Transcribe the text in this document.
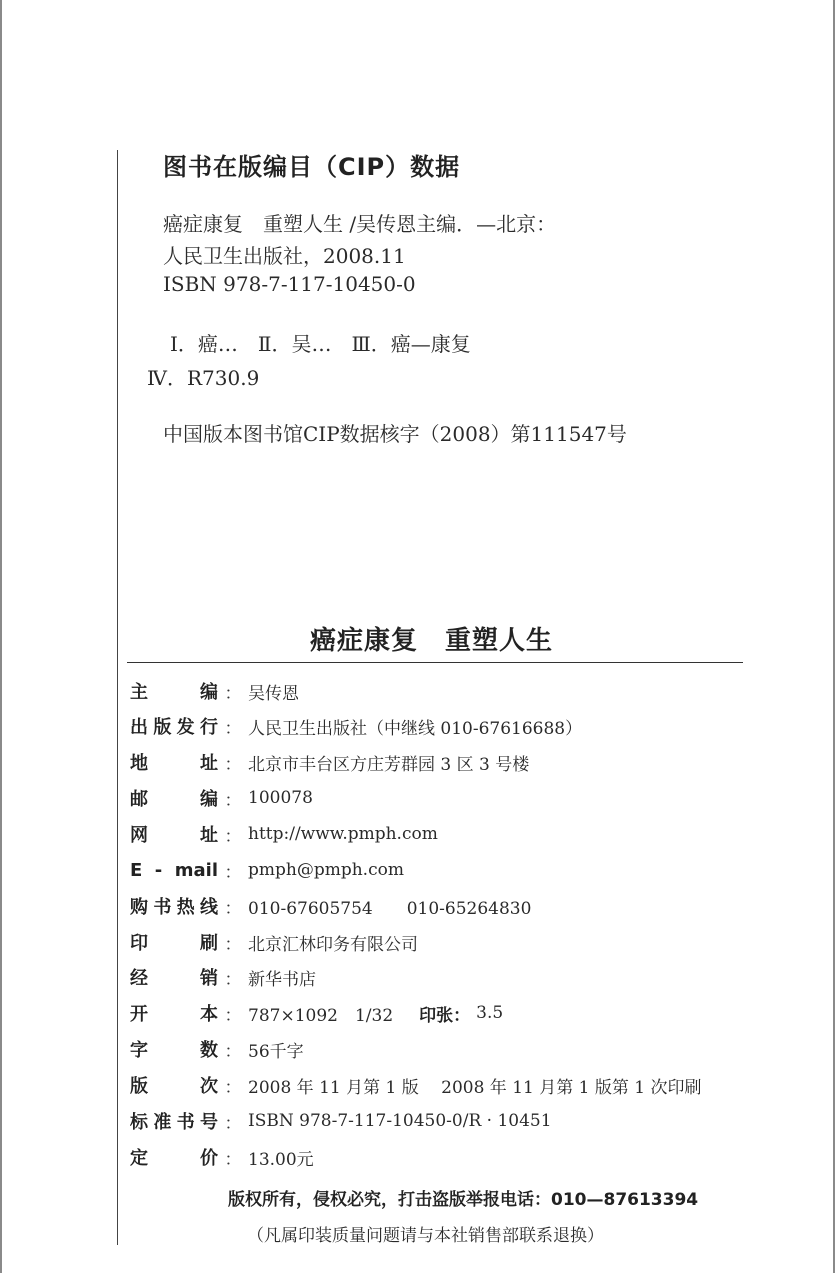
图书在版编目（CIP）数据
癌症康复　重塑人生 /吴传恩主编．—北京：
人民卫生出版社，2008.11
ISBN 978-7-117-10450-0
Ⅰ．癌…　Ⅱ．吴…　Ⅲ．癌—康复
Ⅳ．R730.9
中国版本图书馆CIP数据核字（2008）第111547号
癌症康复　重塑人生
主编 ： 吴传恩
出版发行 ： 人民卫生出版社（中继线 010-67616688）
地址 ： 北京市丰台区方庄芳群园 3 区 3 号楼
邮编 ： 100078
网址 ： http://www.pmph.com
E - mail ： pmph@pmph.com
购书热线 ： 010-67605754　　010-65264830
印刷 ： 北京汇林印务有限公司
经销 ： 新华书店
开本 ： 787×1092　1/32 印张： 3.5
字数 ： 56千字
版次 ： 2008 年 11 月第 1 版　 2008 年 11 月第 1 版第 1 次印刷
标准书号 ： ISBN 978-7-117-10450-0/R · 10451
定价 ： 13.00元
版权所有，侵权必究，打击盗版举报电话：010—87613394
（凡属印装质量问题请与本社销售部联系退换）
